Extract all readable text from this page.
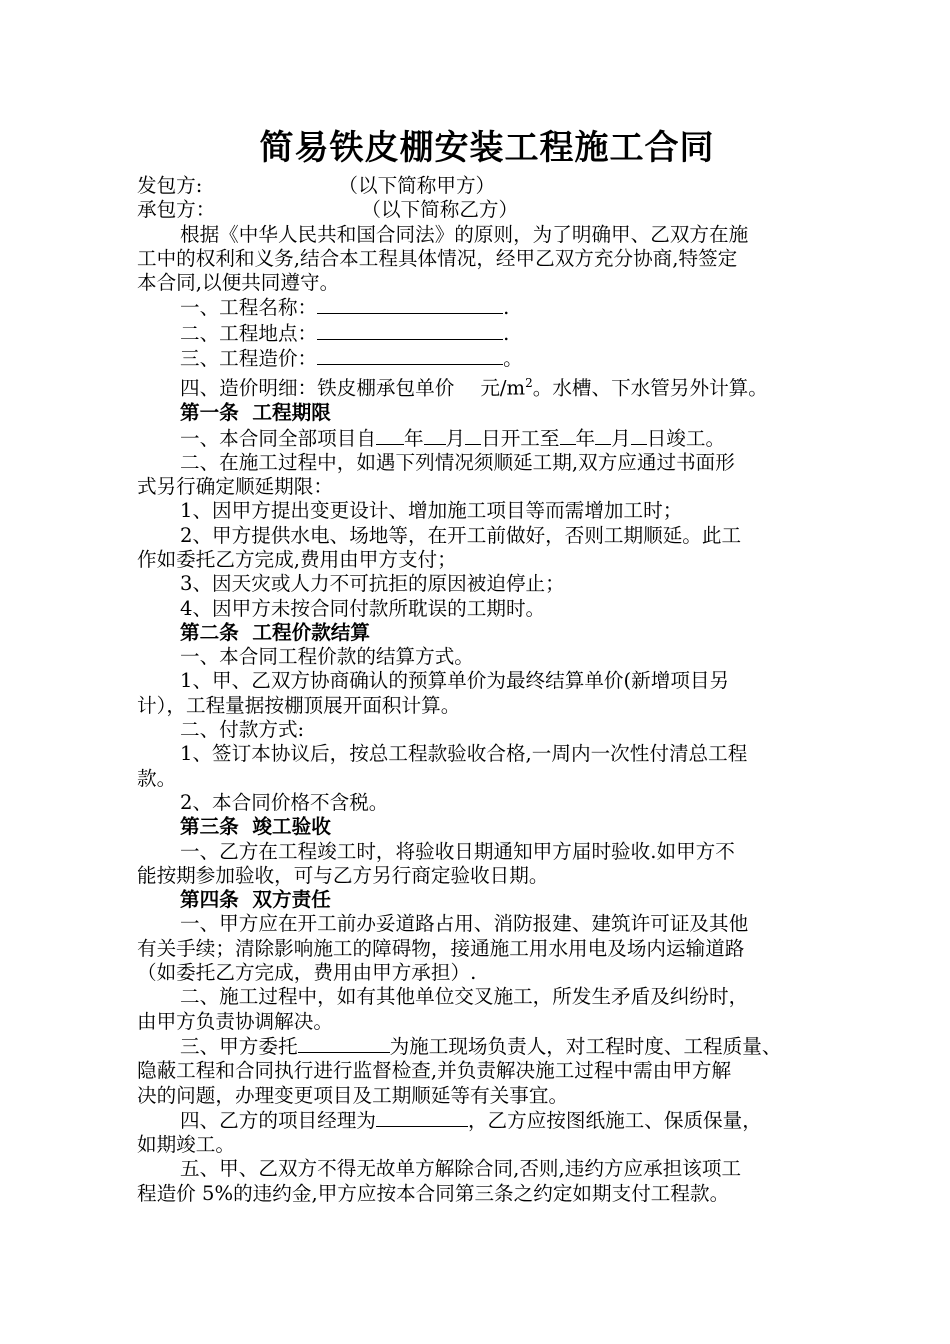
简易铁皮棚安装工程施工合同

发包方:	（以下简称甲方）

承包方：	（以下简称乙方）

根据《中华人民共和国合同法》的原则，为了明确甲、乙双方在施

工中的权利和义务,结合本工程具体情况，经甲乙双方充分协商,特签定

本合同,以便共同遵守。

一、工程名称：	.

二、工程地点：	.

三、工程造价：	。

四、造价明细：铁皮棚承包单价 元$/m^2$。水槽、下水管另外计算。

第一条  工程期限

一、本合同全部项目自 年 月 日开工至 年 月 日竣工。

二、在施工过程中，如遇下列情况须顺延工期,双方应通过书面形

式另行确定顺延期限：

1、因甲方提出变更设计、增加施工项目等而需增加工时；

2、甲方提供水电、场地等，在开工前做好，否则工期顺延。此工

作如委托乙方完成,费用由甲方支付；

3、因天灾或人力不可抗拒的原因被迫停止；

4、因甲方未按合同付款所耽误的工期时。

第二条  工程价款结算

一、本合同工程价款的结算方式。

1、甲、乙双方协商确认的预算单价为最终结算单价(新增项目另

计），工程量据按棚顶展开面积计算。

二、付款方式:

1、签订本协议后，按总工程款验收合格,一周内一次性付清总工程

款。

2、本合同价格不含税。

第三条  竣工验收

一、乙方在工程竣工时，将验收日期通知甲方届时验收.如甲方不

能按期参加验收，可与乙方另行商定验收日期。

第四条  双方责任

一、甲方应在开工前办妥道路占用、消防报建、建筑许可证及其他

有关手续；清除影响施工的障碍物，接通施工用水用电及场内运输道路

（如委托乙方完成，费用由甲方承担）.

二、施工过程中，如有其他单位交叉施工，所发生矛盾及纠纷时，

由甲方负责协调解决。

三、甲方委托	为施工现场负责人，对工程时度、工程质量、

隐蔽工程和合同执行进行监督检查,并负责解决施工过程中需由甲方解

决的问题，办理变更项目及工期顺延等有关事宜。

四、乙方的项目经理为	，乙方应按图纸施工、保质保量，

如期竣工。

五、甲、乙双方不得无故单方解除合同,否则,违约方应承担该项工

程造价 5%的违约金,甲方应按本合同第三条之约定如期支付工程款。
